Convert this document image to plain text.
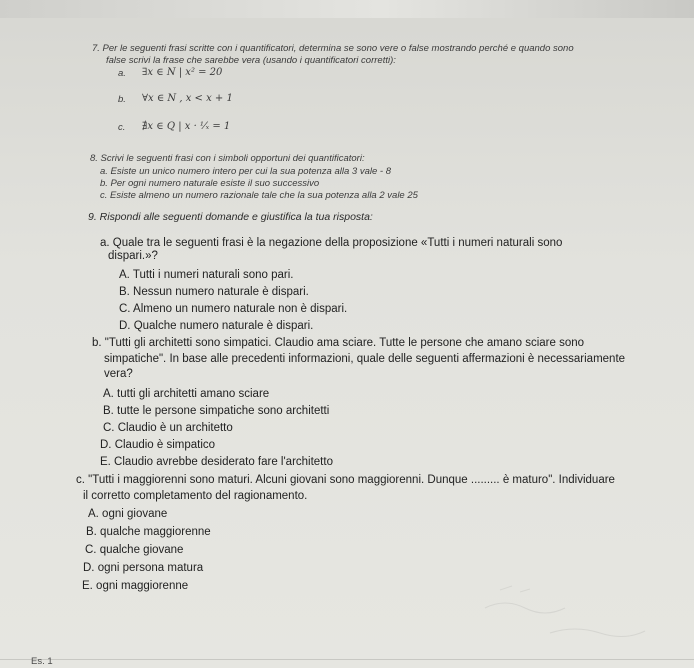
7. Per le seguenti frasi scritte con i quantificatori, determina se sono vere o false mostrando perché e quando sono
false scrivi la frase che sarebbe vera (usando i quantificatori corretti):
a. ∃x ∈ N | x² = 20
b. ∀x ∈ N , x < x + 1
c. ∄x ∈ Q | x · ¹⁄ₓ = 1
8. Scrivi le seguenti frasi con i simboli opportuni dei quantificatori:
a. Esiste un unico numero intero per cui la sua potenza alla 3 vale - 8
b. Per ogni numero naturale esiste il suo successivo
c. Esiste almeno un numero razionale tale che la sua potenza alla 2 vale 25
9. Rispondi alle seguenti domande e giustifica la tua risposta:
a. Quale tra le seguenti frasi è la negazione della proposizione «Tutti i numeri naturali sono
dispari.»?
A. Tutti i numeri naturali sono pari.
B. Nessun numero naturale è dispari.
C. Almeno un numero naturale non è dispari.
D. Qualche numero naturale è dispari.
b. "Tutti gli architetti sono simpatici. Claudio ama sciare. Tutte le persone che amano sciare sono
simpatiche". In base alle precedenti informazioni, quale delle seguenti affermazioni è necessariamente
vera?
A. tutti gli architetti amano sciare
B. tutte le persone simpatiche sono architetti
C. Claudio è un architetto
D. Claudio è simpatico
E. Claudio avrebbe desiderato fare l'architetto
c. "Tutti i maggiorenni sono maturi. Alcuni giovani sono maggiorenni. Dunque ......... è maturo". Individuare
il corretto completamento del ragionamento.
A. ogni giovane
B. qualche maggiorenne
C. qualche giovane
D. ogni persona matura
E. ogni maggiorenne
Es. 1
